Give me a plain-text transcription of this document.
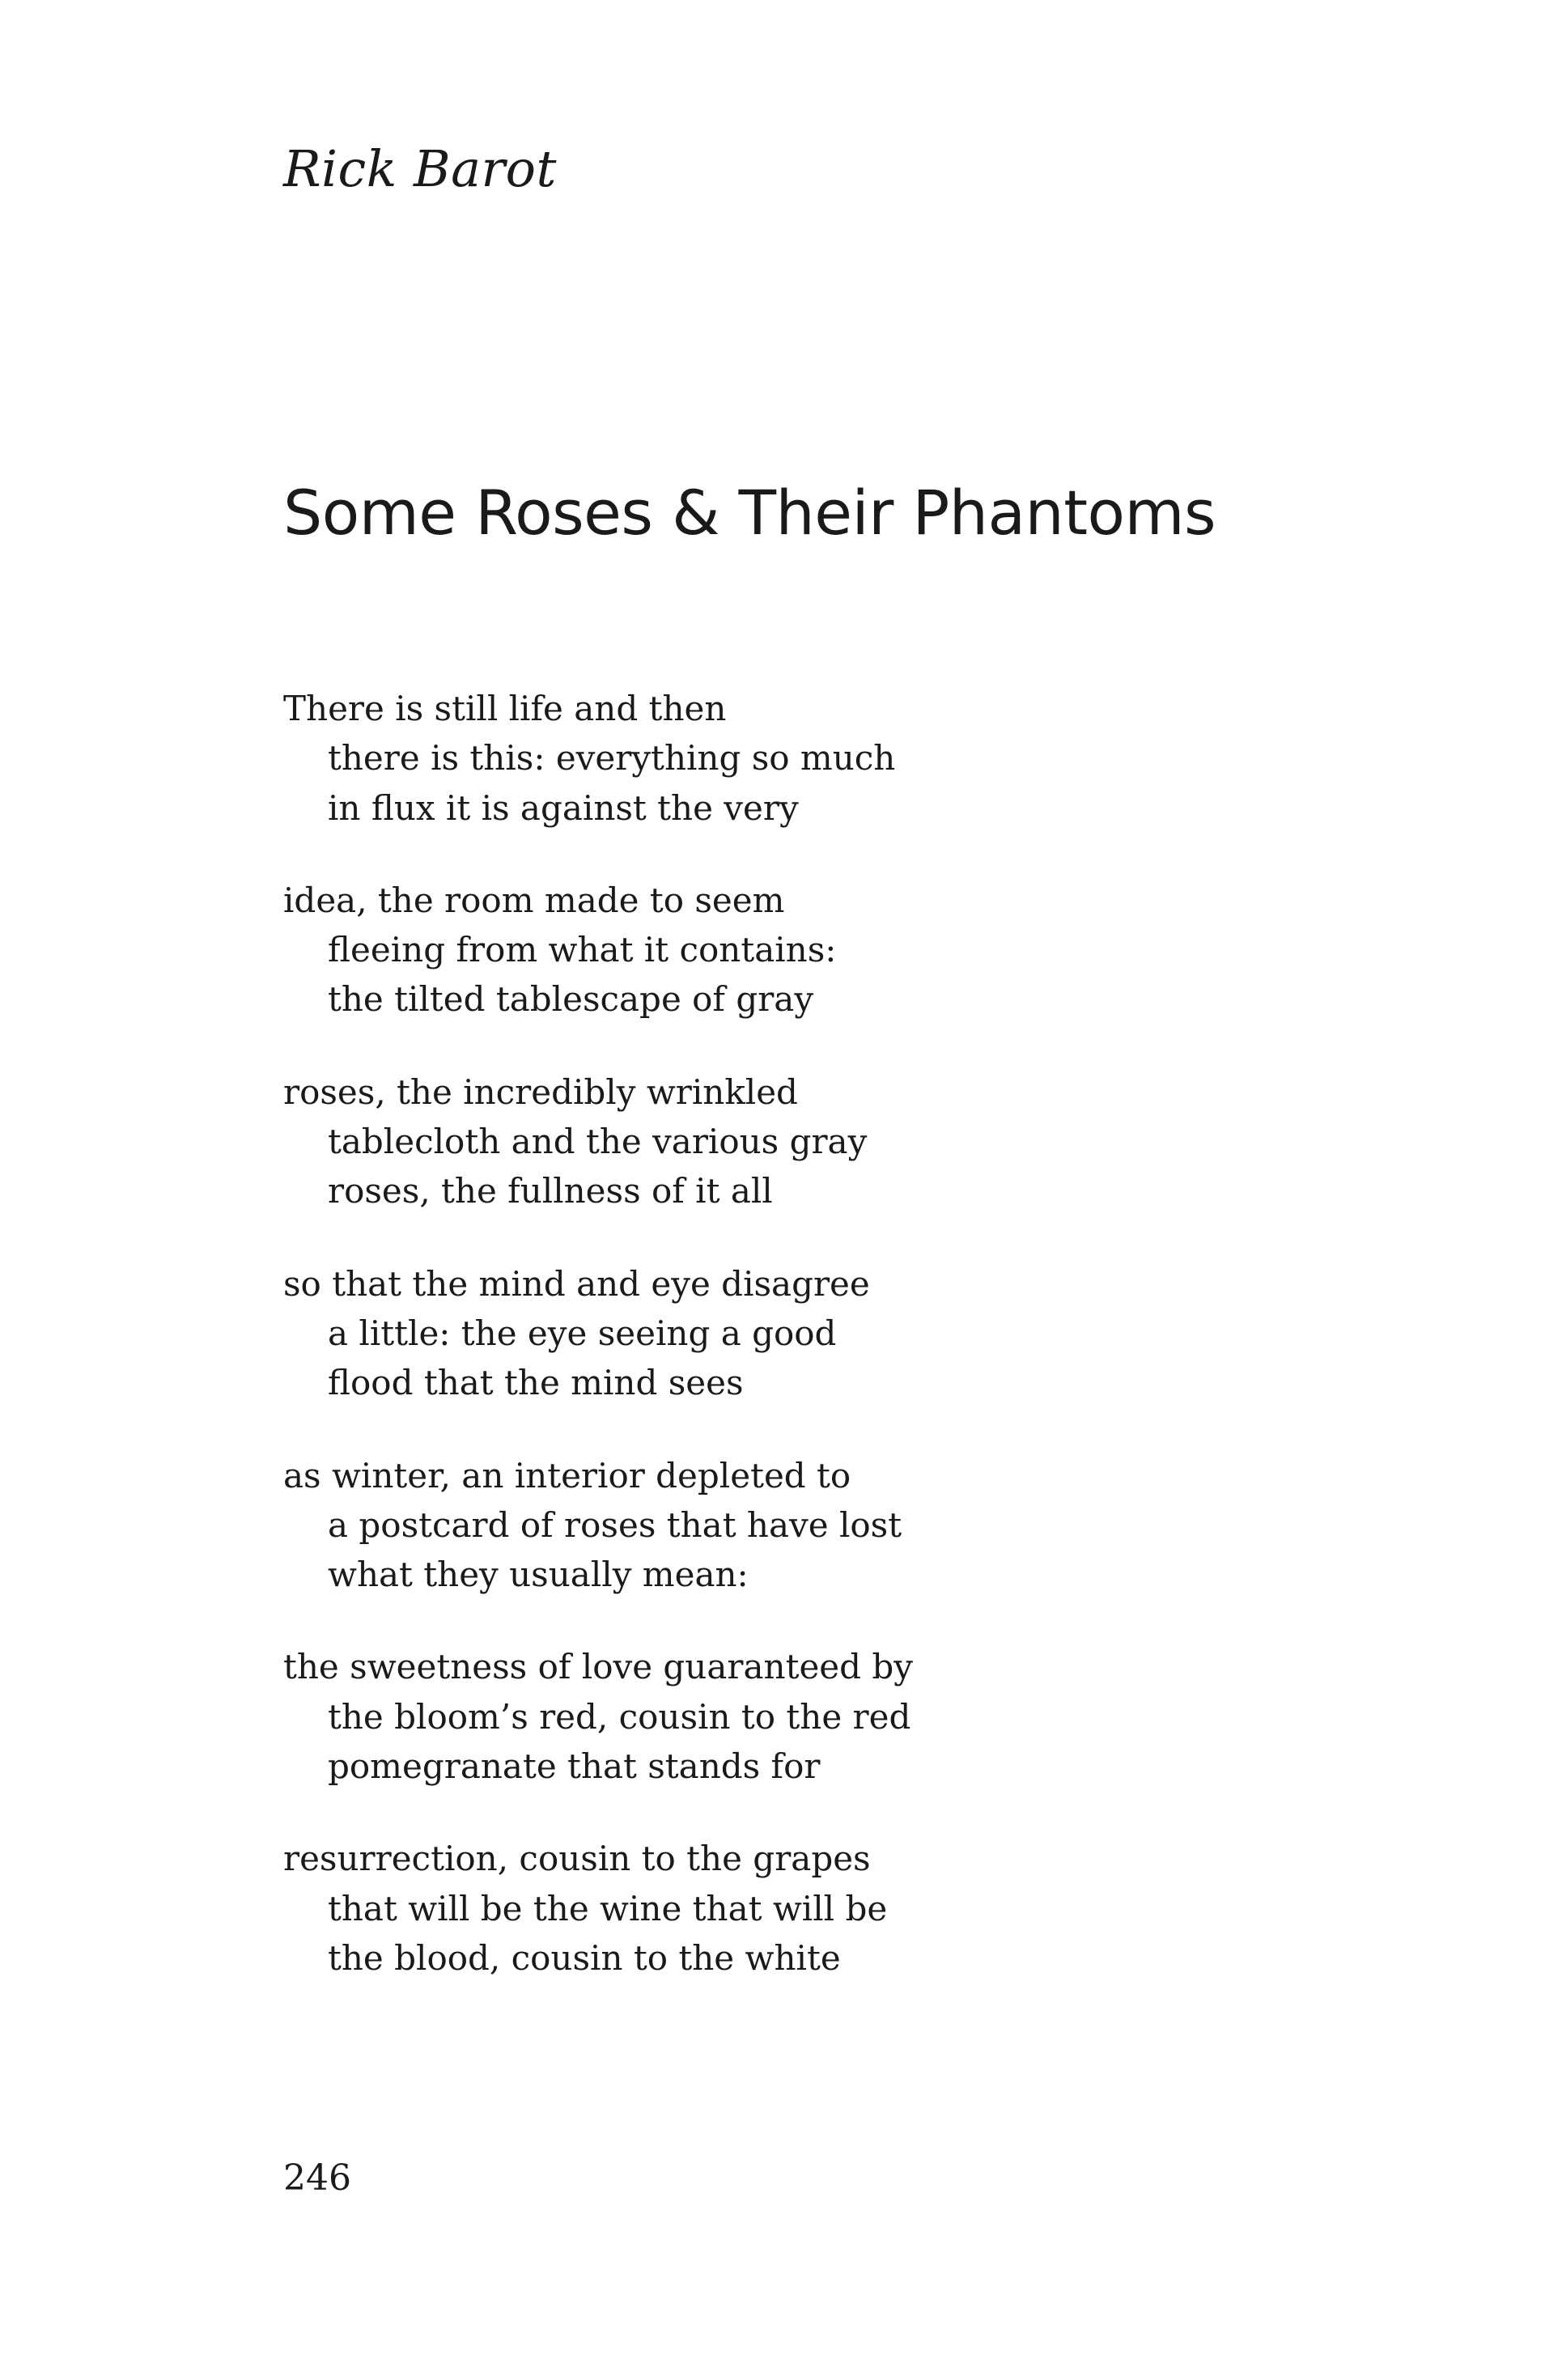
Rick Barot
Some Roses & Their Phantoms
There is still life and then
there is this: everything so much
in flux it is against the very
idea, the room made to seem
fleeing from what it contains:
the tilted tablescape of gray
roses, the incredibly wrinkled
tablecloth and the various gray
roses, the fullness of it all
so that the mind and eye disagree
a little: the eye seeing a good
flood that the mind sees
as winter, an interior depleted to
a postcard of roses that have lost
what they usually mean:
the sweetness of love guaranteed by
the bloom’s red, cousin to the red
pomegranate that stands for
resurrection, cousin to the grapes
that will be the wine that will be
the blood, cousin to the white
246
